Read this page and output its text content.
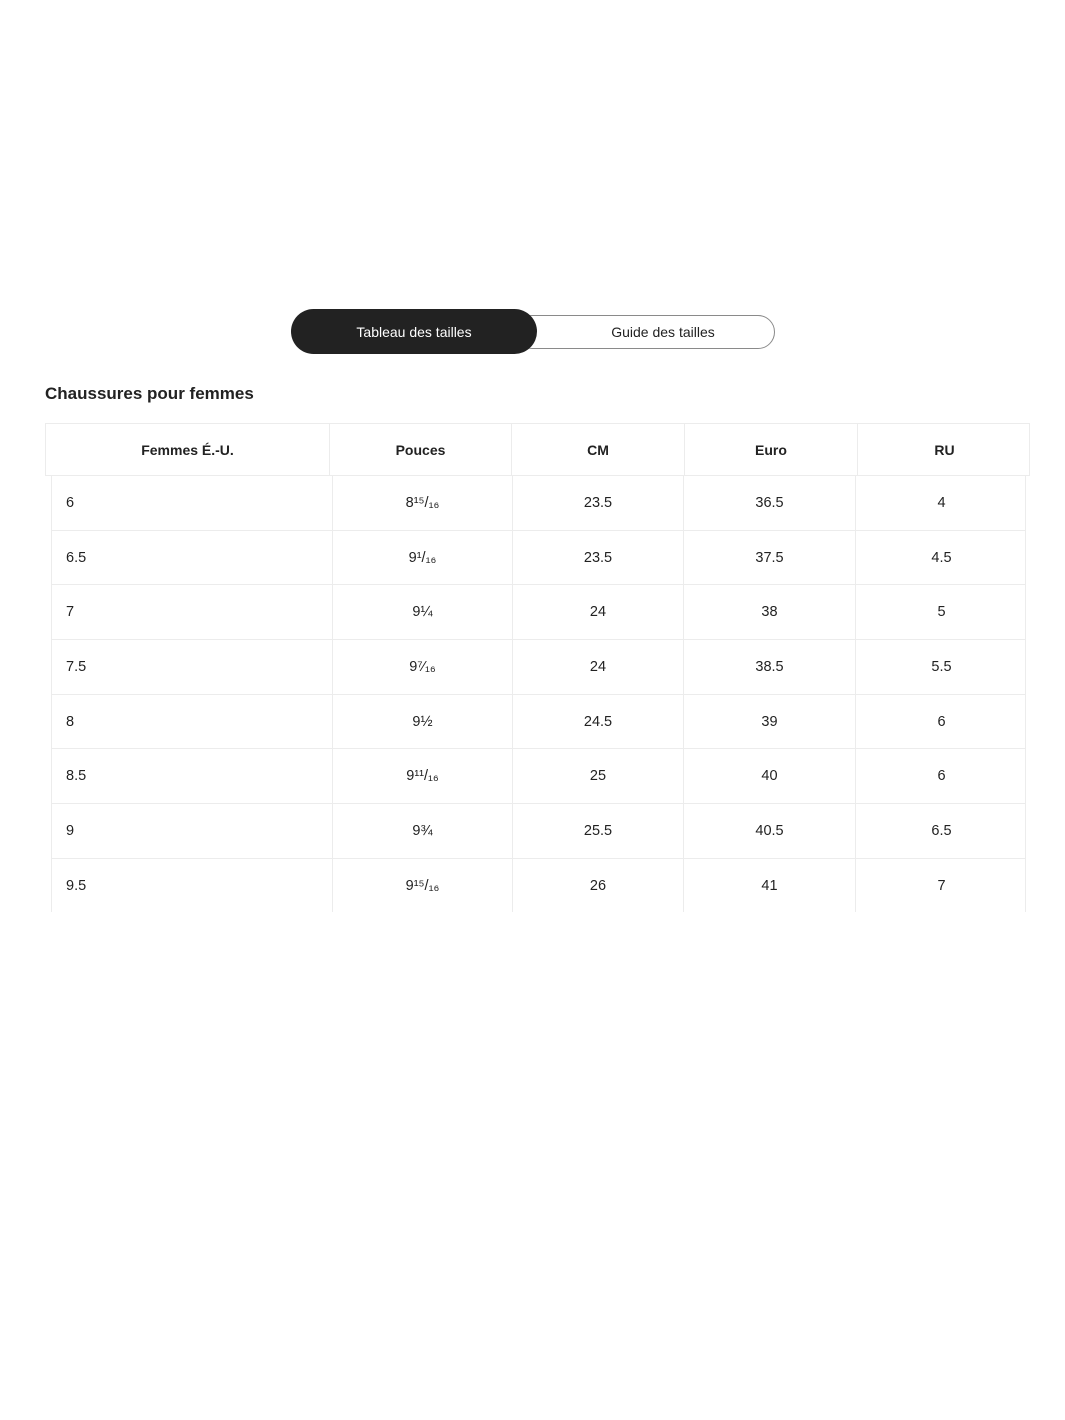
Guide des tailles
Tableau des tailles
Chaussures pour femmes
Femmes É.-U.	Pouces	CM	Euro	RU
6	8¹⁵/₁₆	23.5	36.5	4
6.5	9¹/₁₆	23.5	37.5	4.5
7	9¼	24	38	5
7.5	9⁷⁄₁₆	24	38.5	5.5
8	9½	24.5	39	6
8.5	9¹¹/₁₆	25	40	6
9	9¾	25.5	40.5	6.5
9.5	9¹⁵/₁₆	26	41	7
